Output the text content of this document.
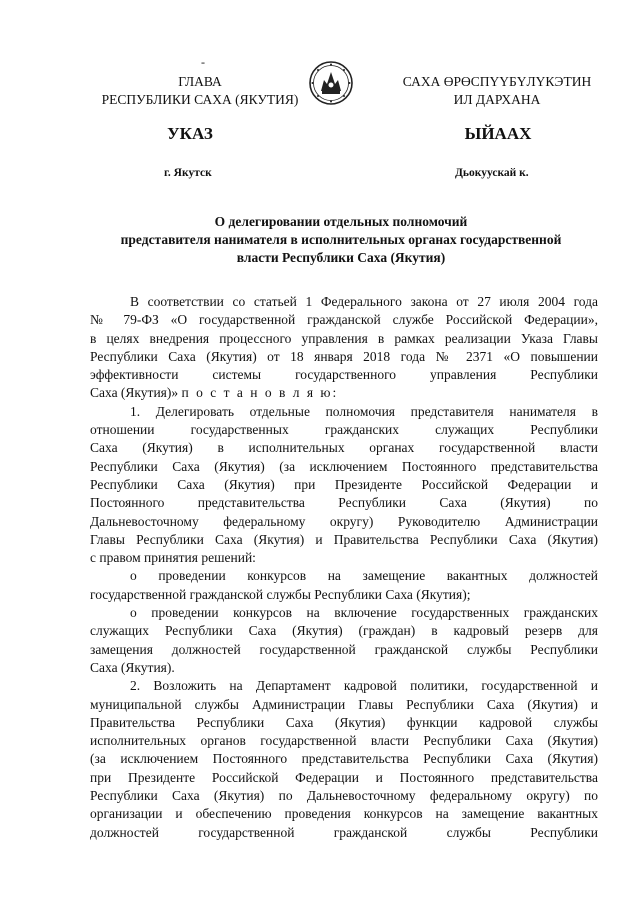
-
ГЛАВА
РЕСПУБЛИКИ САХА (ЯКУТИЯ)
САХА ӨРӨСПҮҮБҮЛҮКЭТИН
ИЛ ДАРХАНА
УКАЗ	ЫЙААХ
г. Якутск	Дьокуускай к.
О делегировании отдельных полномочий
представителя нанимателя в исполнительных органах государственной
власти Республики Саха (Якутия)

В соответствии со статьей 1 Федерального закона от 27 июля 2004 года

№ 79-ФЗ «О государственной гражданской службе Российской Федерации»,

в целях внедрения процессного управления в рамках реализации Указа Главы

Республики Саха (Якутия) от 18 января 2018 года № 2371 «О повышении

эффективности системы государственного управления Республики

Саха (Якутия)» п о с т а н о в л я ю:

1. Делегировать отдельные полномочия представителя нанимателя в

отношении государственных гражданских служащих Республики

Саха (Якутия) в исполнительных органах государственной власти

Республики Саха (Якутия) (за исключением Постоянного представительства

Республики Саха (Якутия) при Президенте Российской Федерации и

Постоянного представительства Республики Саха (Якутия) по

Дальневосточному федеральному округу) Руководителю Администрации

Главы Республики Саха (Якутия) и Правительства Республики Саха (Якутия)

с правом принятия решений:

о проведении конкурсов на замещение вакантных должностей

государственной гражданской службы Республики Саха (Якутия);

о проведении конкурсов на включение государственных гражданских

служащих Республики Саха (Якутия) (граждан) в кадровый резерв для

замещения должностей государственной гражданской службы Республики

Саха (Якутия).

2. Возложить на Департамент кадровой политики, государственной и

муниципальной службы Администрации Главы Республики Саха (Якутия) и

Правительства Республики Саха (Якутия) функции кадровой службы

исполнительных органов государственной власти Республики Саха (Якутия)

(за исключением Постоянного представительства Республики Саха (Якутия)

при Президенте Российской Федерации и Постоянного представительства

Республики Саха (Якутия) по Дальневосточному федеральному округу) по

организации и обеспечению проведения конкурсов на замещение вакантных

должностей государственной гражданской службы Республики
